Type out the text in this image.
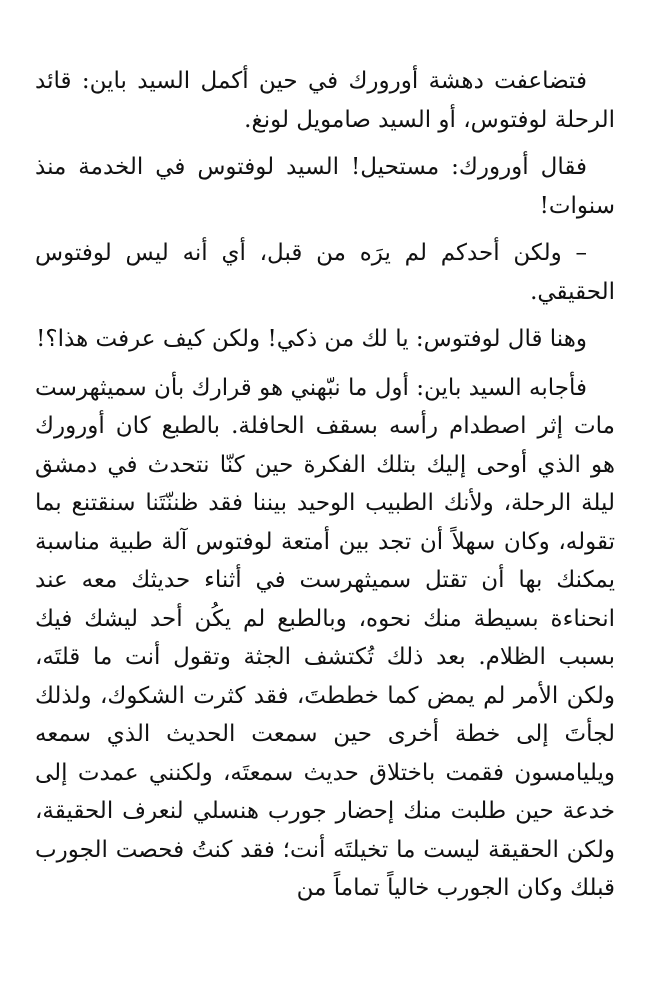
فتضاعفت دهشة أورورك في حين أكمل السيد باين: قائد الرحلة لوفتوس، أو السيد صامويل لونغ.

فقال أورورك: مستحيل! السيد لوفتوس في الخدمة منذ سنوات!

– ولكن أحدكم لم يرَه من قبل، أي أنه ليس لوفتوس الحقيقي.

وهنا قال لوفتوس: يا لك من ذكي! ولكن كيف عرفت هذا؟!

فأجابه السيد باين: أول ما نبّهني هو قرارك بأن سميثهرست مات إثر اصطدام رأسه بسقف الحافلة. بالطبع كان أورورك هو الذي أوحى إليك بتلك الفكرة حين كنّا نتحدث في دمشق ليلة الرحلة، ولأنك الطبيب الوحيد بيننا فقد ظننّتَنا سنقتنع بما تقوله، وكان سهلاً أن تجد بين أمتعة لوفتوس آلة طبية مناسبة يمكنك بها أن تقتل سميثهرست في أثناء حديثك معه عند انحناءة بسيطة منك نحوه، وبالطبع لم يكُن أحد ليشك فيك بسبب الظلام. بعد ذلك تُكتشف الجثة وتقول أنت ما قلتَه، ولكن الأمر لم يمض كما خططتَ، فقد كثرت الشكوك، ولذلك لجأتَ إلى خطة أخرى حين سمعت الحديث الذي سمعه ويليامسون فقمت باختلاق حديث سمعتَه، ولكنني عمدت إلى خدعة حين طلبت منك إحضار جورب هنسلي لنعرف الحقيقة، ولكن الحقيقة ليست ما تخيلتَه أنت؛ فقد كنتُ فحصت الجورب قبلك وكان الجورب خالياً تماماً من
